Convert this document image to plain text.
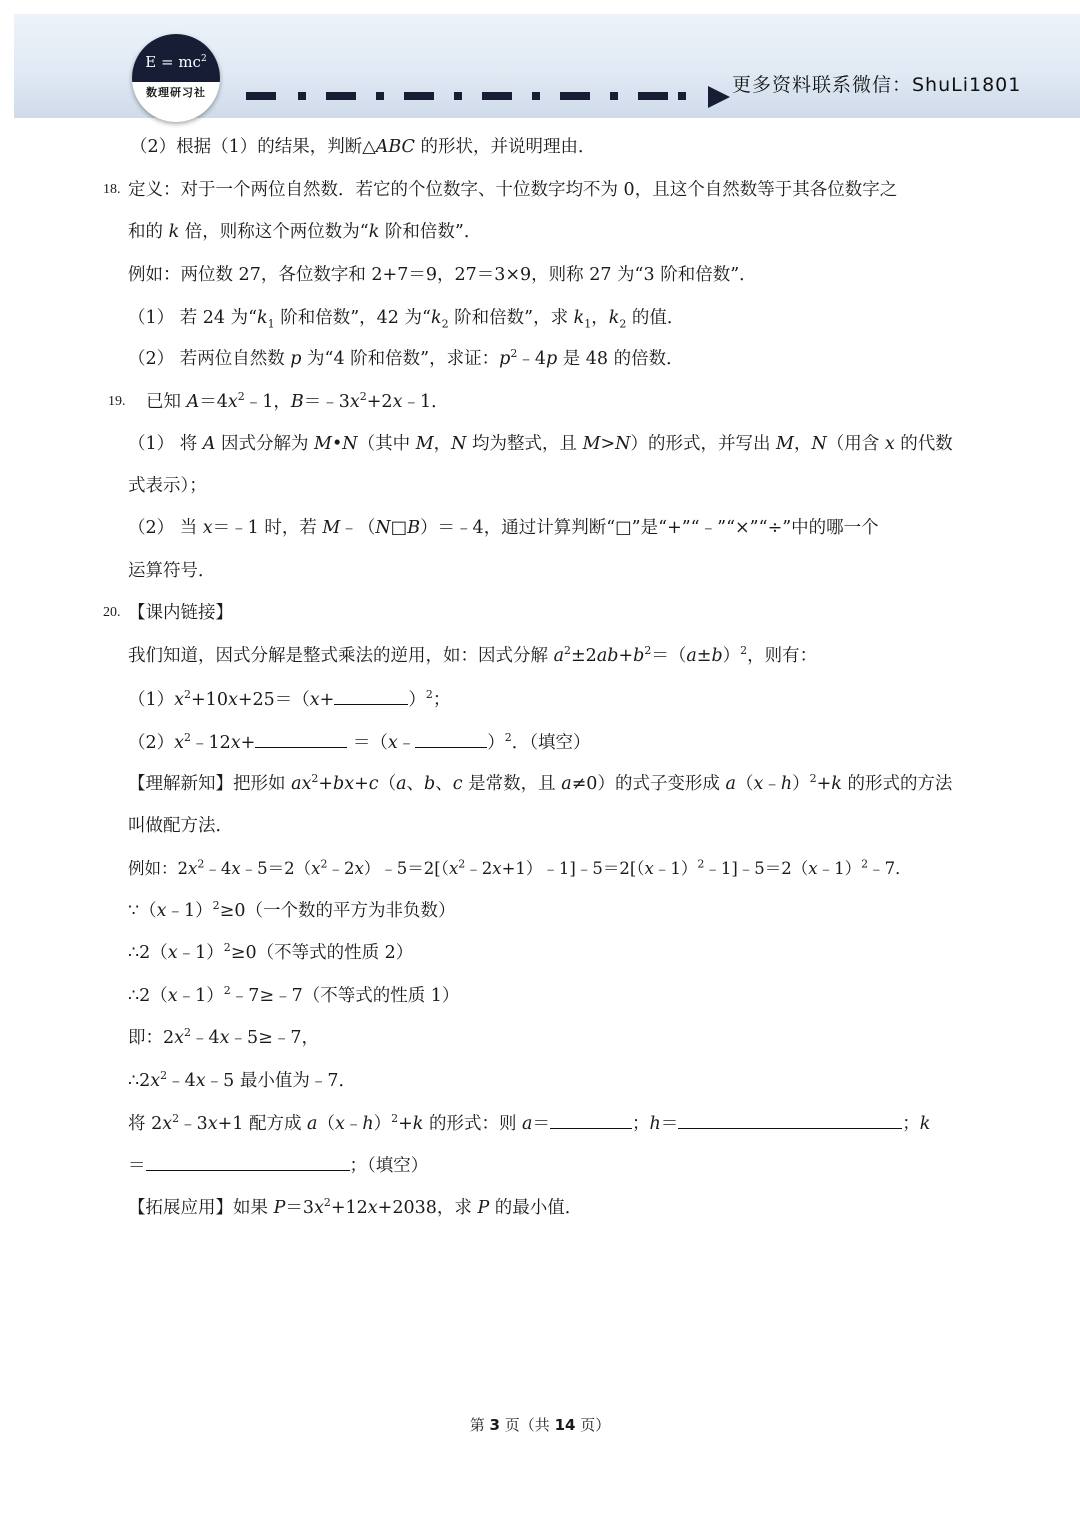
$E = mc^2$
数理研习社	更多资料联系微信：ShuLi1801
（2）根据（1）的结果，判断△ABC 的形状，并说明理由．
18. 定义：对于一个两位自然数．若它的个位数字、十位数字均不为 0，且这个自然数等于其各位数字之
和的 k 倍，则称这个两位数为“k 阶和倍数”．
例如：两位数 27，各位数字和 2+7＝9，27＝3×9，则称 27 为“3 阶和倍数”．
（1） 若 24 为“$k_1$ 阶和倍数”，42 为“$k_2$ 阶和倍数”，求 $k_1$，$k_2$ 的值．
（2） 若两位自然数 p 为“4 阶和倍数”，求证：$p^2﹣4p$ 是 48 的倍数．
19. 已知 $A=4x^2﹣1$，$B=﹣3x^2+2x﹣1$．
（1） 将 A 因式分解为 M•N（其中 M，N 均为整式，且 M>N）的形式，并写出 M，N（用含 x 的代数
式表示）；
（2） 当 x＝﹣1 时，若 M﹣（N□B）＝﹣4，通过计算判断“□”是“+”“﹣”“×”“÷”中的哪一个
运算符号．
20. 【课内链接】
我们知道，因式分解是整式乘法的逆用，如：因式分解 $a^2\pm 2ab+b^2=(a\pm b)^2$，则有：
$(1)x^2+10x+25=(x+$	）$^2$；
$(2)x^2﹣12x+$	＝（x﹣	）$^2$．（填空）
【理解新知】把形如 $ax^2+bx+c(a$、b、c 是常数，且 a≠0）的式子变形成 a（x﹣h）$^2$+k 的形式的方法
叫做配方法．
例如：$2x^2﹣4x﹣5=2(x^2﹣2x)﹣5=2[(x^2﹣2x+1)﹣1]﹣5=2[(x﹣1)^2﹣1]﹣5=2(x﹣1)^2﹣7$．
∵（x﹣1）$^2$≥0（一个数的平方为非负数）
∴2（x﹣1）$^2$≥0（不等式的性质 2）
∴2（x﹣1）$^2$﹣7≥﹣7（不等式的性质 1）
即：$2x^2﹣4x﹣5\ge﹣7$，
$\therefore 2x^2﹣4x﹣5$ 最小值为﹣7．
将 $2x^2﹣3x+1$ 配方成 a（x﹣h）$^2$+k 的形式：则 a＝	；h＝	；k
＝	；（填空）
【拓展应用】如果 $P=3x^2+12x+2038$，求 P 的最小值．
第 3 页（共 14 页）
